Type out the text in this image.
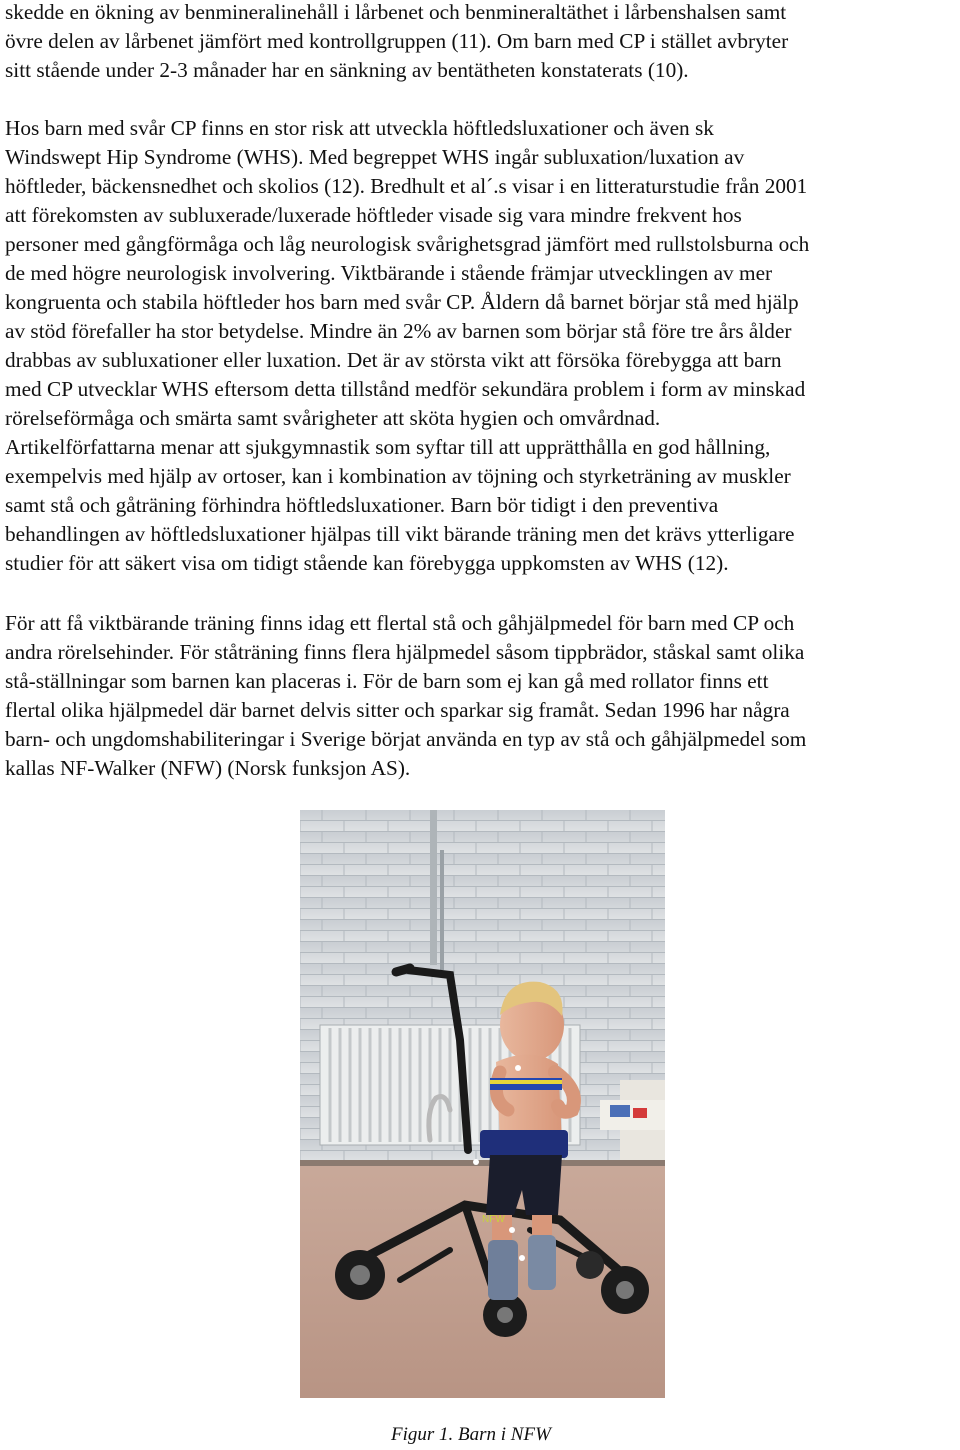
skedde en ökning av benmineralinehåll i lårbenet och benmineraltäthet i lårbenshalsen samt
övre delen av lårbenet jämfört med kontrollgruppen (11). Om barn med CP i stället avbryter
sitt stående under 2-3 månader har en sänkning av bentätheten konstaterats (10).

Hos barn med svår CP finns en stor risk att utveckla höftledsluxationer och även sk
Windswept Hip Syndrome (WHS). Med begreppet WHS ingår subluxation/luxation av
höftleder, bäckensnedhet och skolios (12). Bredhult et al´.s visar i en litteraturstudie från 2001
att förekomsten av subluxerade/luxerade höftleder visade sig vara mindre frekvent hos
personer med gångförmåga och låg neurologisk svårighetsgrad jämfört med rullstolsburna och
de med högre neurologisk involvering. Viktbärande i stående främjar utvecklingen av mer
kongruenta och stabila höftleder hos barn med svår CP. Åldern då barnet börjar stå med hjälp
av stöd förefaller ha stor betydelse. Mindre än 2% av barnen som börjar stå före tre års ålder
drabbas av subluxationer eller luxation. Det är av största vikt att försöka förebygga att barn
med CP utvecklar WHS eftersom detta tillstånd medför sekundära problem i form av minskad
rörelseförmåga och smärta samt svårigheter att sköta hygien och omvårdnad.
Artikelförfattarna menar att sjukgymnastik som syftar till att upprätthålla en god hållning,
exempelvis med hjälp av ortoser, kan i kombination av töjning och styrketräning av muskler
samt stå och gåträning förhindra höftledsluxationer. Barn bör tidigt i den preventiva
behandlingen av höftledsluxationer hjälpas till vikt bärande träning men det krävs ytterligare
studier för att säkert visa om tidigt stående kan förebygga uppkomsten av WHS (12).

För att få viktbärande träning finns idag ett flertal stå och gåhjälpmedel för barn med CP och
andra rörelsehinder. För ståträning finns flera hjälpmedel såsom tippbrädor, ståskal samt olika
stå-ställningar som barnen kan placeras i. För de barn som ej kan gå med rollator finns ett
flertal olika hjälpmedel där barnet delvis sitter och sparkar sig framåt. Sedan 1996 har några
barn- och ungdomshabiliteringar i Sverige börjat använda en typ av stå och gåhjälpmedel som
kallas NF-Walker (NFW) (Norsk funksjon AS).

NFW
Figur 1. Barn i NFW
